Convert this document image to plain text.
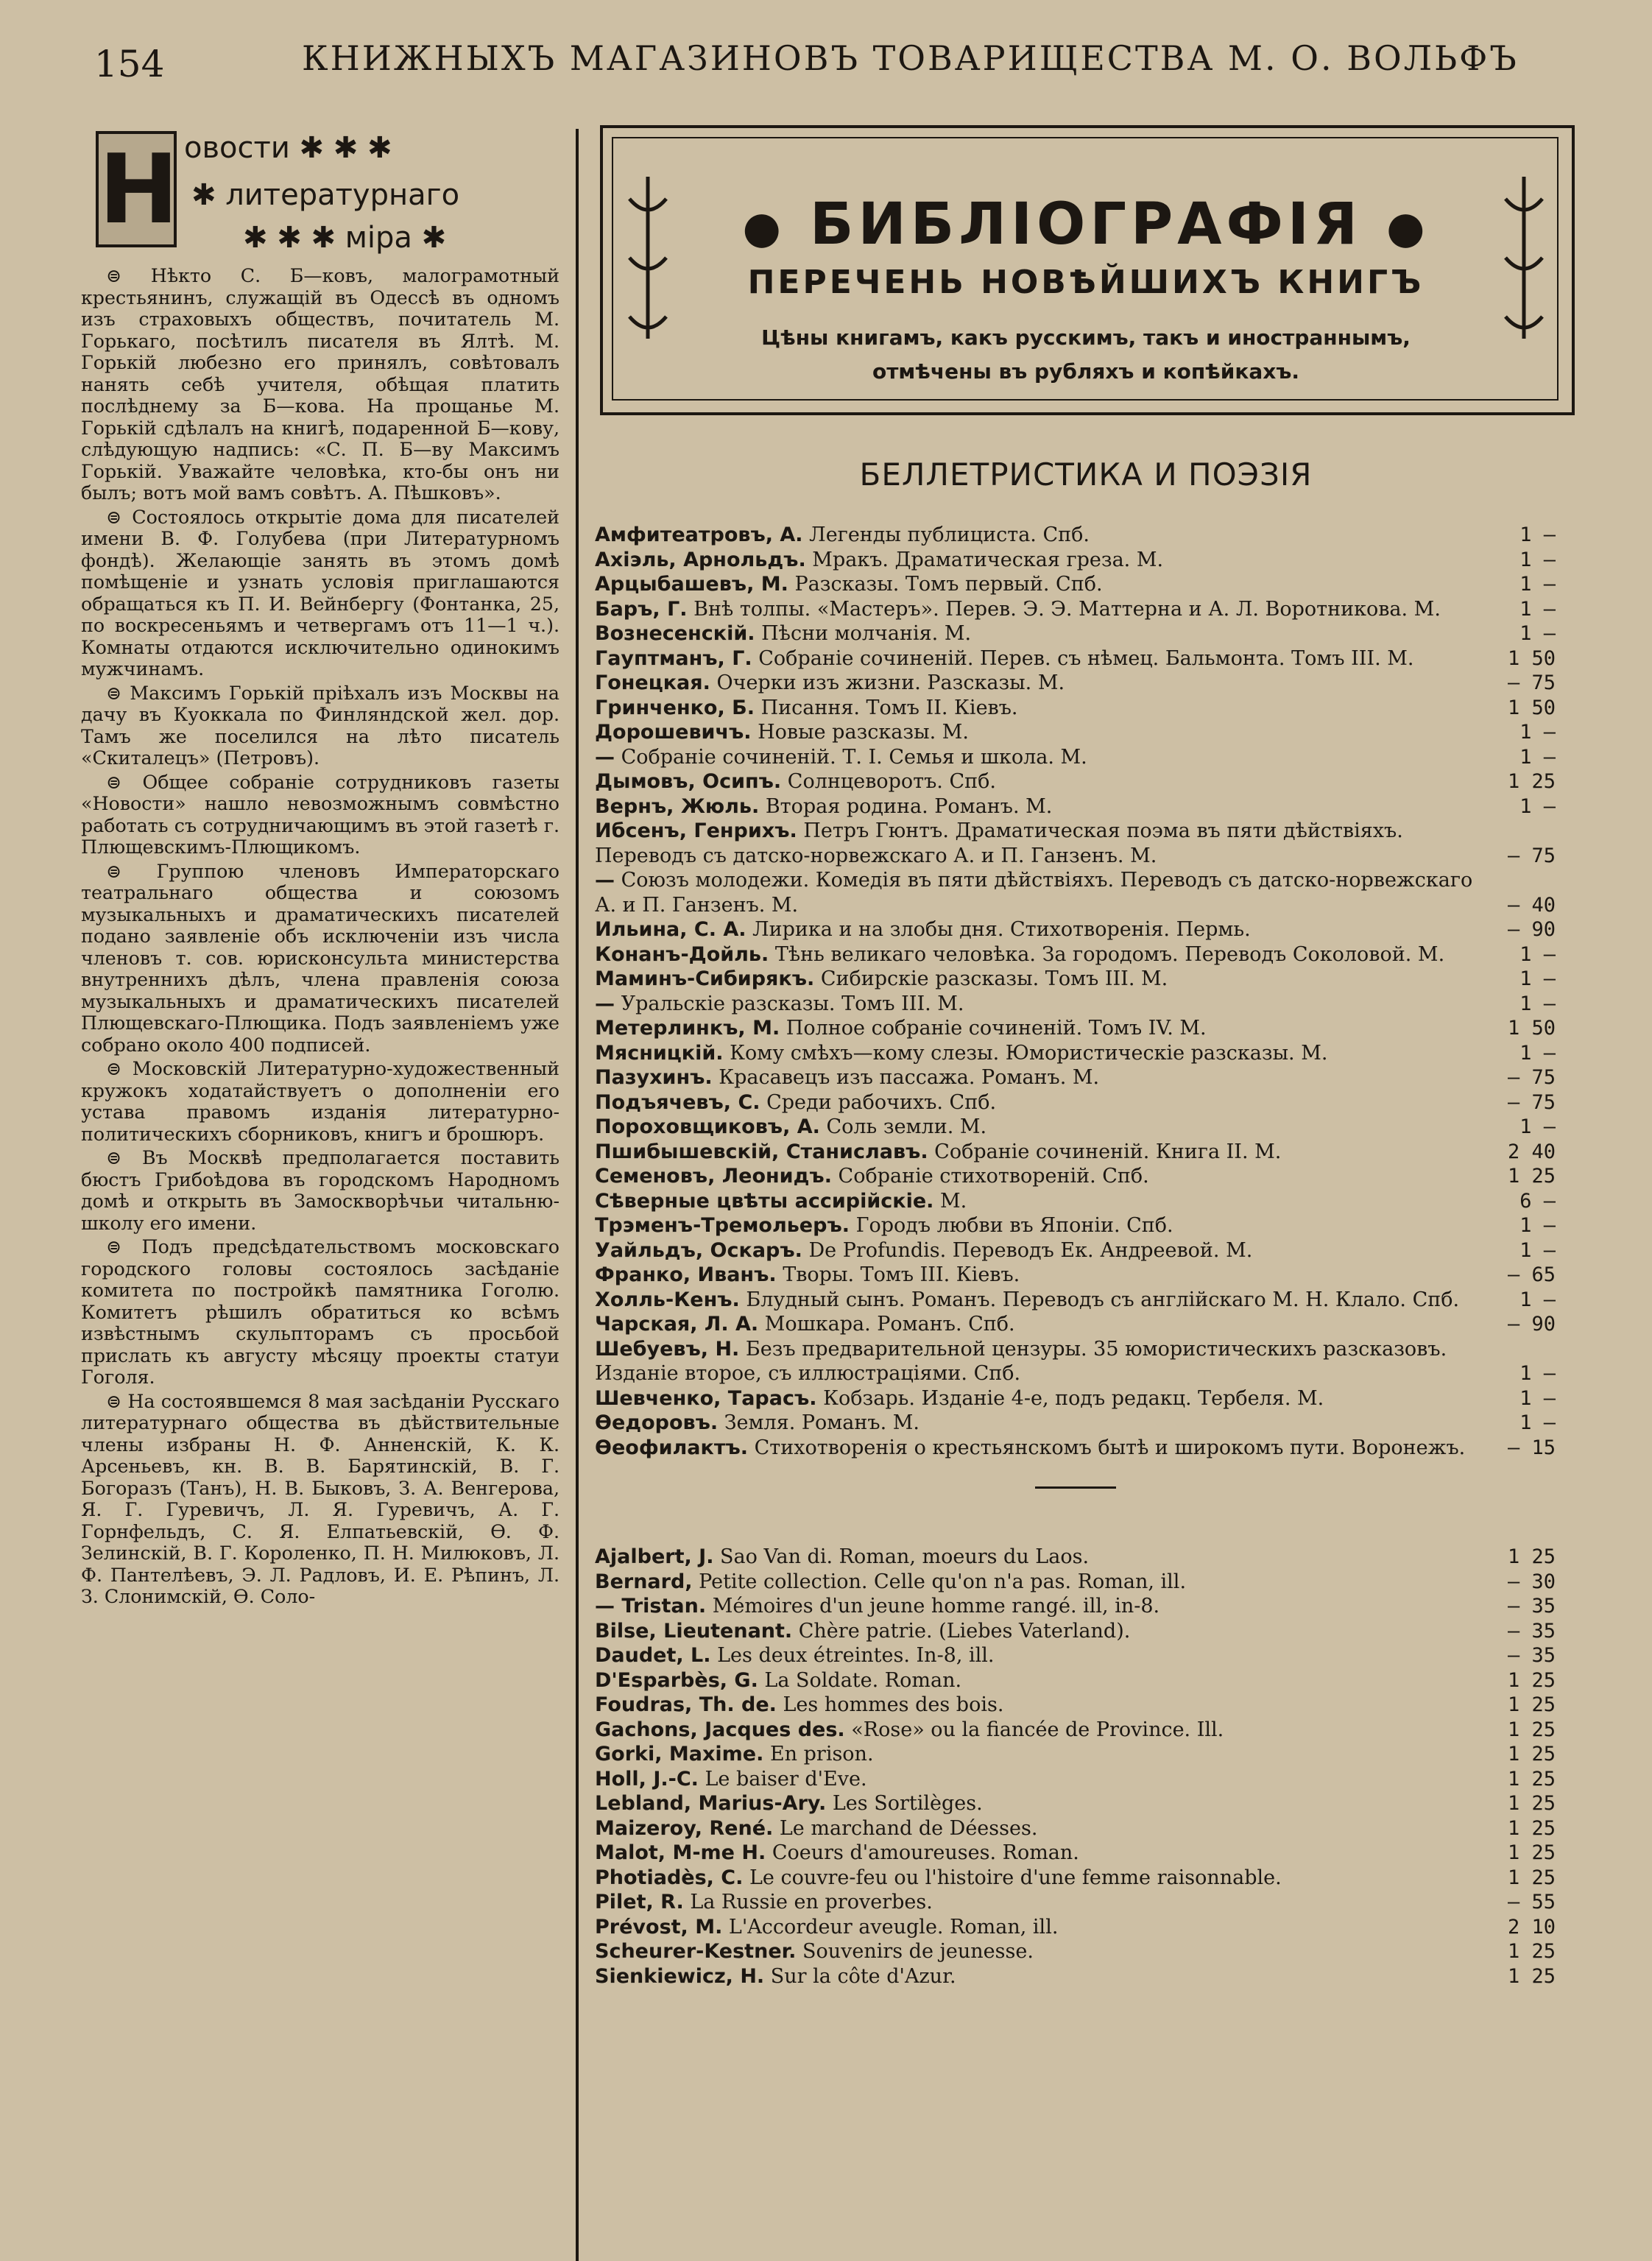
154	КНИЖНЫХЪ МАГАЗИНОВЪ ТОВАРИЩЕСТВА М. О. ВОЛЬФЪ
Н овости ✱ ✱ ✱
✱ литературнаго
✱ ✱ ✱ міра ✱

⊜ Нѣкто С. Б—ковъ, малограмотный крестьянинъ, служащій въ Одессѣ въ одномъ изъ страховыхъ обществъ, почитатель М. Горькаго, посѣтилъ писателя въ Ялтѣ. М. Горькій любезно его принялъ, совѣтовалъ нанять себѣ учителя, обѣщая платить послѣднему за Б—кова. На прощанье М. Горькій сдѣлалъ на книгѣ, подаренной Б—кову, слѣдующую надпись: «С. П. Б—ву Максимъ Горькій. Уважайте человѣка, кто-бы онъ ни былъ; вотъ мой вамъ совѣтъ. А. Пѣшковъ».

⊜ Состоялось открытіе дома для писателей имени В. Ф. Голубева (при Литературномъ фондѣ). Желающіе занять въ этомъ домѣ помѣщеніе и узнать условія приглашаются обращаться къ П. И. Вейнбергу (Фонтанка, 25, по воскресеньямъ и четвергамъ отъ 11—1 ч.). Комнаты отдаются исключительно одинокимъ мужчинамъ.

⊜ Максимъ Горькій пріѣхалъ изъ Москвы на дачу въ Куоккала по Финляндской жел. дор. Тамъ же поселился на лѣто писатель «Скиталецъ» (Петровъ).

⊜ Общее собраніе сотрудниковъ газеты «Новости» нашло невозможнымъ совмѣстно работать съ сотрудничающимъ въ этой газетѣ г. Плющевскимъ-Плющикомъ.

⊜ Группою членовъ Императорскаго театральнаго общества и союзомъ музыкальныхъ и драматическихъ писателей подано заявленіе объ исключеніи изъ числа членовъ т. сов. юрисконсульта министерства внутреннихъ дѣлъ, члена правленія союза музыкальныхъ и драматическихъ писателей Плющевскаго-Плющика. Подъ заявленіемъ уже собрано около 400 подписей.

⊜ Московскій Литературно-художественный кружокъ ходатайствуетъ о дополненіи его устава правомъ изданія литературно-политическихъ сборниковъ, книгъ и брошюръ.

⊜ Въ Москвѣ предполагается поставить бюстъ Грибоѣдова въ городскомъ Народномъ домѣ и открыть въ Замоскворѣчьи читальню-школу его имени.

⊜ Подъ предсѣдательствомъ московскаго городского головы состоялось засѣданіе комитета по постройкѣ памятника Гоголю. Комитетъ рѣшилъ обратиться ко всѣмъ извѣстнымъ скульпторамъ съ просьбой прислать къ августу мѣсяцу проекты статуи Гоголя.

⊜ На состоявшемся 8 мая засѣданіи Русскаго литературнаго общества въ дѣйствительные члены избраны Н. Ф. Анненскій, К. К. Арсеньевъ, кн. В. В. Барятинскій, В. Г. Богоразъ (Танъ), Н. В. Быковъ, З. А. Венгерова, Я. Г. Гуревичъ, Л. Я. Гуревичъ, А. Г. Горнфельдъ, С. Я. Елпатьевскій, Ѳ. Ф. Зелинскій, В. Г. Короленко, П. Н. Милюковъ, Л. Ф. Пантелѣевъ, Э. Л. Радловъ, И. Е. Рѣпинъ, Л. З. Слонимскій, Ѳ. Соло-

● БИБЛІОГРАФІЯ ●
ПЕРЕЧЕНЬ НОВѢЙШИХЪ КНИГЪ
Цѣны книгамъ, какъ русскимъ, такъ и иностраннымъ,
отмѣчены въ рубляхъ и копѣйкахъ.
БЕЛЛЕТРИСТИКА И ПОЭЗІЯ
Амфитеатровъ, А. Легенды публициста. Спб.	1 —
Ахіэль, Арнольдъ. Мракъ. Драматическая греза. М.	1 —
Арцыбашевъ, М. Разсказы. Томъ первый. Спб.	1 —
Баръ, Г. Внѣ толпы. «Мастеръ». Перев. Э. Э. Маттерна и А. Л. Воротникова. М.	1 —
Вознесенскій. Пѣсни молчанія. М.	1 —
Гауптманъ, Г. Собраніе сочиненій. Перев. съ нѣмец. Бальмонта. Томъ III. М.	1 50
Гонецкая. Очерки изъ жизни. Разсказы. М.	— 75
Гринченко, Б. Писання. Томъ II. Кіевъ.	1 50
Дорошевичъ. Новые разсказы. М.	1 —
— Собраніе сочиненій. Т. I. Семья и школа. М.	1 —
Дымовъ, Осипъ. Солнцеворотъ. Спб.	1 25
Вернъ, Жюль. Вторая родина. Романъ. М.	1 —
Ибсенъ, Генрихъ. Петръ Гюнтъ. Драматическая поэма въ пяти дѣйствіяхъ. Переводъ съ датско-норвежскаго А. и П. Ганзенъ. М.	— 75
— Союзъ молодежи. Комедія въ пяти дѣйствіяхъ. Переводъ съ датско-норвежскаго А. и П. Ганзенъ. М.	— 40
Ильина, С. А. Лирика и на злобы дня. Стихотворенія. Пермь.	— 90
Конанъ-Дойль. Тѣнь великаго человѣка. За городомъ. Переводъ Соколовой. М.	1 —
Маминъ-Сибирякъ. Сибирскіе разсказы. Томъ III. М.	1 —
— Уральскіе разсказы. Томъ III. М.	1 —
Метерлинкъ, М. Полное собраніе сочиненій. Томъ IV. М.	1 50
Мясницкій. Кому смѣхъ—кому слезы. Юмористическіе разсказы. М.	1 —
Пазухинъ. Красавецъ изъ пассажа. Романъ. М.	— 75
Подъячевъ, С. Среди рабочихъ. Спб.	— 75
Пороховщиковъ, А. Соль земли. М.	1 —
Пшибышевскій, Станиславъ. Собраніе сочиненій. Книга II. М.	2 40
Семеновъ, Леонидъ. Собраніе стихотвореній. Спб.	1 25
Сѣверные цвѣты ассирійскіе. М.	6 —
Трэменъ-Тремольеръ. Городъ любви въ Японіи. Спб.	1 —
Уайльдъ, Оскаръ. De Profundis. Переводъ Ек. Андреевой. М.	1 —
Франко, Иванъ. Творы. Томъ III. Кіевъ.	— 65
Холль-Кенъ. Блудный сынъ. Романъ. Переводъ съ англійскаго М. Н. Клало. Спб.	1 —
Чарская, Л. А. Мошкара. Романъ. Спб.	— 90
Шебуевъ, Н. Безъ предварительной цензуры. 35 юмористическихъ разсказовъ. Изданіе второе, съ иллюстраціями. Спб.	1 —
Шевченко, Тарасъ. Кобзарь. Изданіе 4-е, подъ редакц. Тербеля. М.	1 —
Ѳедоровъ. Земля. Романъ. М.	1 —
Ѳеофилактъ. Стихотворенія о крестьянскомъ бытѣ и широкомъ пути. Воронежъ.	— 15
Ajalbert, J. Sao Van di. Roman, moeurs du Laos.	1 25
Bernard, Petite collection. Celle qu'on n'a pas. Roman, ill.	— 30
— Tristan. Mémoires d'un jeune homme rangé. ill, in-8.	— 35
Bilse, Lieutenant. Chère patrie. (Liebes Vaterland).	— 35
Daudet, L. Les deux étreintes. In-8, ill.	— 35
D'Esparbès, G. La Soldate. Roman.	1 25
Foudras, Th. de. Les hommes des bois.	1 25
Gachons, Jacques des. «Rose» ou la fiancée de Province. Ill.	1 25
Gorki, Maxime. En prison.	1 25
Holl, J.-C. Le baiser d'Eve.	1 25
Lebland, Marius-Ary. Les Sortilèges.	1 25
Maizeroy, René. Le marchand de Déesses.	1 25
Malot, M-me H. Coeurs d'amoureuses. Roman.	1 25
Photiadès, C. Le couvre-feu ou l'histoire d'une femme raisonnable.	1 25
Pilet, R. La Russie en proverbes.	— 55
Prévost, M. L'Accordeur aveugle. Roman, ill.	2 10
Scheurer-Kestner. Souvenirs de jeunesse.	1 25
Sienkiewicz, H. Sur la côte d'Azur.	1 25
